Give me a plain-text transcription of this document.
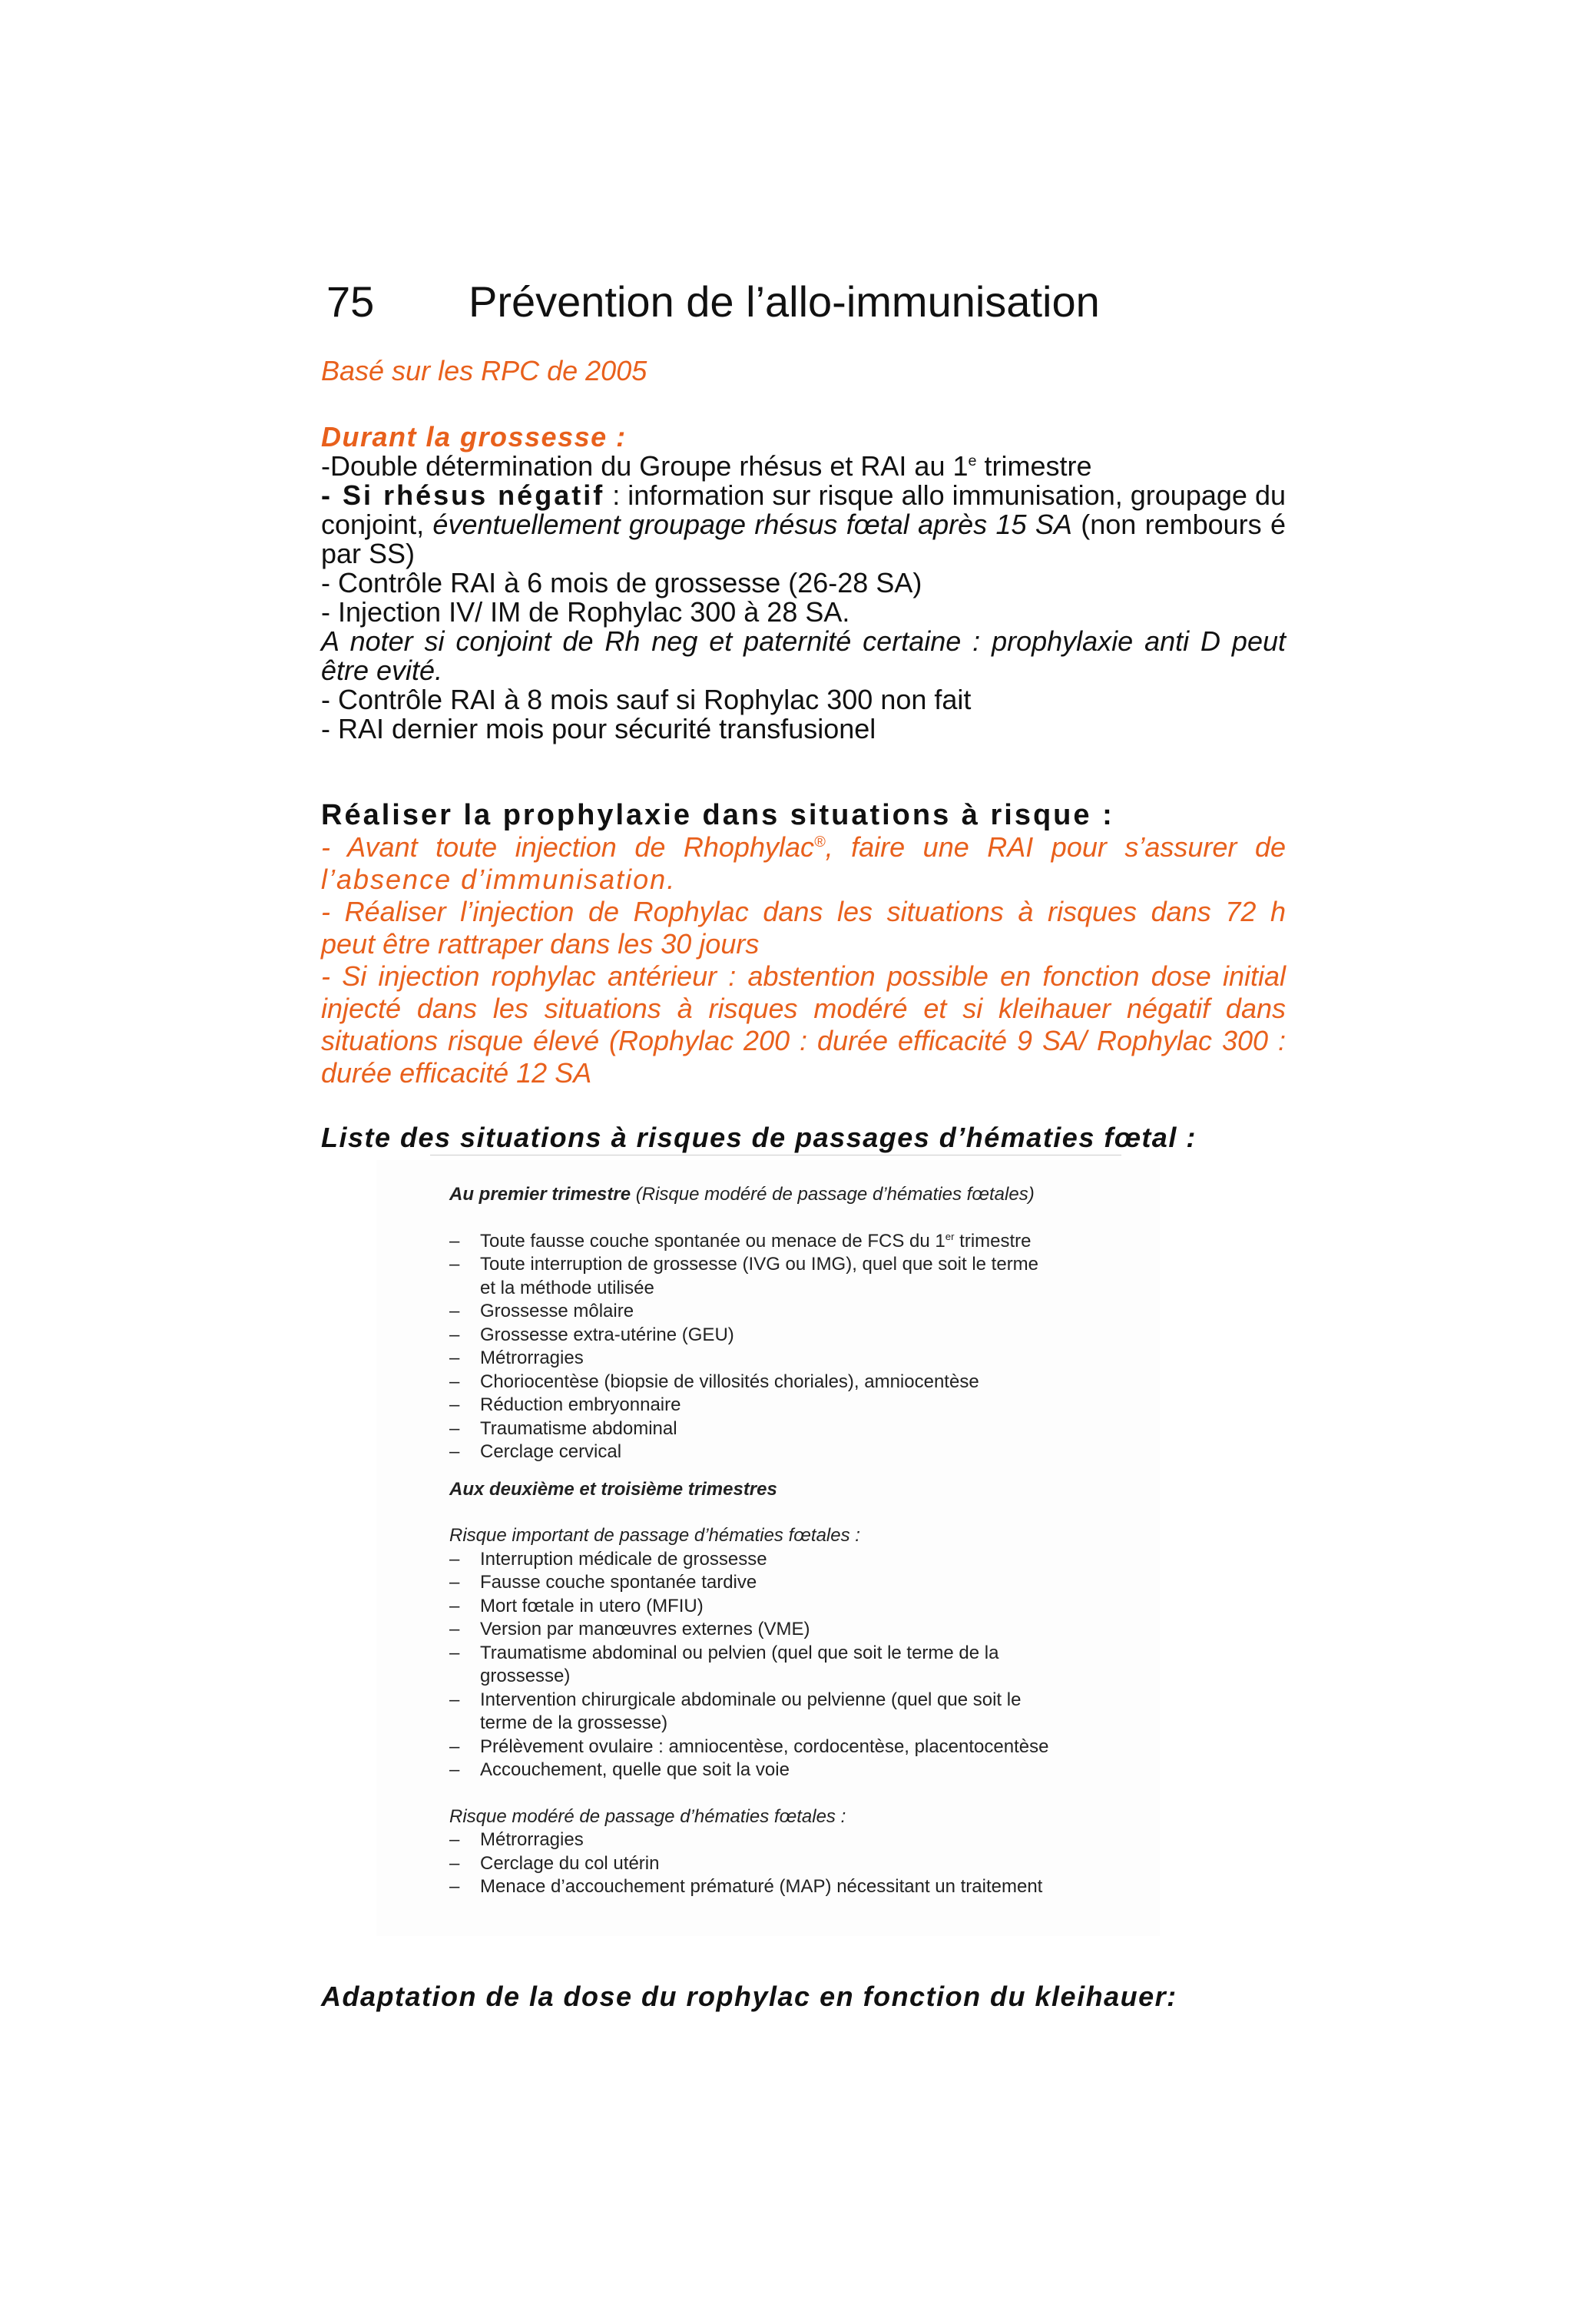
75 Prévention de l’allo-immunisation
Basé sur les RPC de 2005
Durant la grossesse :
-Double détermination du Groupe rhésus et RAI au 1e trimestre
- Si rhésus négatif : information sur risque allo immunisation, groupage du
conjoint, éventuellement groupage rhésus fœtal après 15 SA (non rembours é
par SS)
- Contrôle RAI à 6 mois de grossesse (26-28 SA)
- Injection IV/ IM de Rophylac 300 à 28 SA.
A noter si conjoint de Rh neg et paternité certaine : prophylaxie anti D peut
être evité.
- Contrôle RAI à 8 mois sauf si Rophylac 300 non fait
- RAI dernier mois pour sécurité transfusionel
Réaliser la prophylaxie dans situations à risque :
- Avant toute injection de Rhophylac®, faire une RAI pour s’assurer de
l’absence d’immunisation.
- Réaliser l’injection de Rophylac dans les situations à risques dans 72 h
peut être rattraper dans les 30 jours
- Si injection rophylac antérieur : abstention possible en fonction dose initial
injecté dans les situations à risques modéré et si kleihauer négatif dans
situations risque élevé (Rophylac 200 : durée efficacité 9 SA/ Rophylac 300 :
durée efficacité 12 SA
Liste des situations à risques de passages d’hématies fœtal :
Au premier trimestre (Risque modéré de passage d’hématies fœtales)
– Toute fausse couche spontanée ou menace de FCS du 1er trimestre
– Toute interruption de grossesse (IVG ou IMG), quel que soit le terme
et la méthode utilisée
– Grossesse môlaire
– Grossesse extra-utérine (GEU)
– Métrorragies
– Choriocentèse (biopsie de villosités choriales), amniocentèse
– Réduction embryonnaire
– Traumatisme abdominal
– Cerclage cervical
Aux deuxième et troisième trimestres
Risque important de passage d’hématies fœtales :
– Interruption médicale de grossesse
– Fausse couche spontanée tardive
– Mort fœtale in utero (MFIU)
– Version par manœuvres externes (VME)
– Traumatisme abdominal ou pelvien (quel que soit le terme de la
grossesse)
– Intervention chirurgicale abdominale ou pelvienne (quel que soit le
terme de la grossesse)
– Prélèvement ovulaire : amniocentèse, cordocentèse, placentocentèse
– Accouchement, quelle que soit la voie
Risque modéré de passage d’hématies fœtales :
– Métrorragies
– Cerclage du col utérin
– Menace d’accouchement prématuré (MAP) nécessitant un traitement
Adaptation de la dose du rophylac en fonction du kleihauer:
